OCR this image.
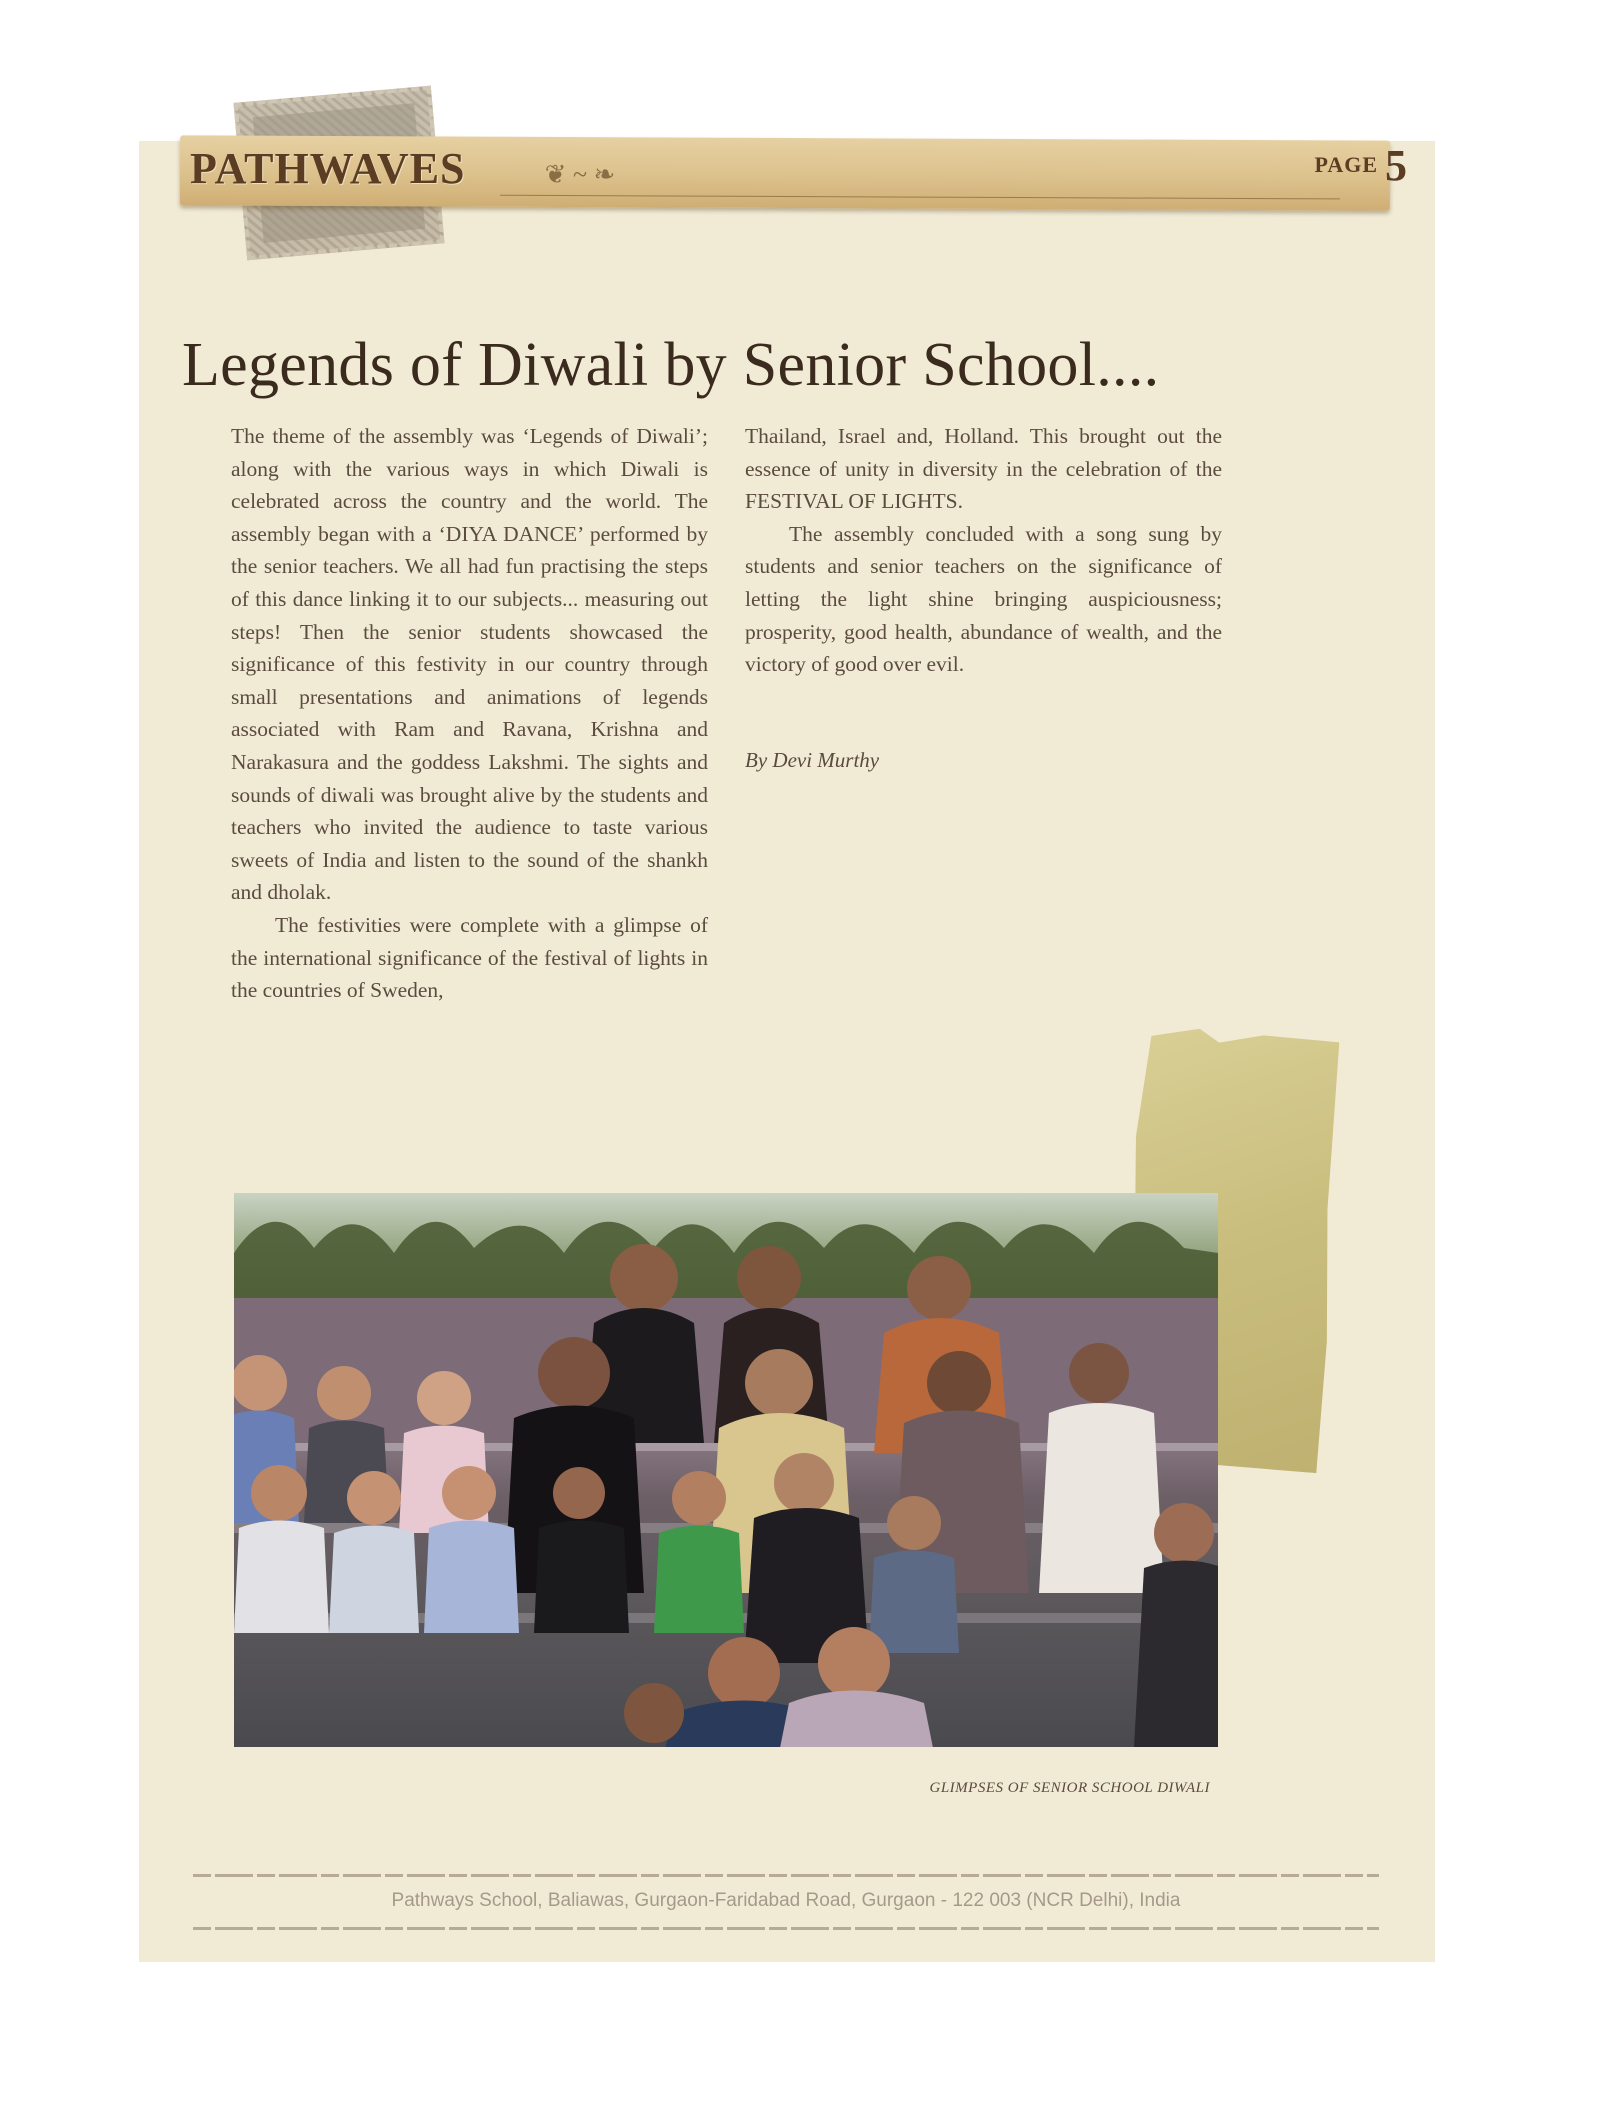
PATHWAVES	❦ ~ ❧	PAGE 5
Legends of Diwali by Senior School....

The theme of the assembly was ‘Legends of Diwali’; along with the various ways in which Diwali is celebrated across the country and the world. The assembly began with a ‘DIYA DANCE’ performed by the senior teachers. We all had fun practising the steps of this dance linking it to our subjects... measuring out steps! Then the senior students showcased the significance of this festivity in our country through small presentations and animations of legends associated with Ram and Ravana, Krishna and Narakasura and the goddess Lakshmi. The sights and sounds of diwali was brought alive by the students and teachers who invited the audience to taste various sweets of India and listen to the sound of the shankh and dholak.

The festivities were complete with a glimpse of the international significance of the festival of lights in the countries of Sweden,

Thailand, Israel and, Holland. This brought out the essence of unity in diversity in the celebration of the FESTIVAL OF LIGHTS.

The assembly concluded with a song sung by students and senior teachers on the significance of letting the light shine bringing auspiciousness; prosperity, good health, abundance of wealth, and the victory of good over evil.

By Devi Murthy
GLIMPSES OF SENIOR SCHOOL DIWALI
Pathways School, Baliawas, Gurgaon-Faridabad Road, Gurgaon - 122 003 (NCR Delhi), India
